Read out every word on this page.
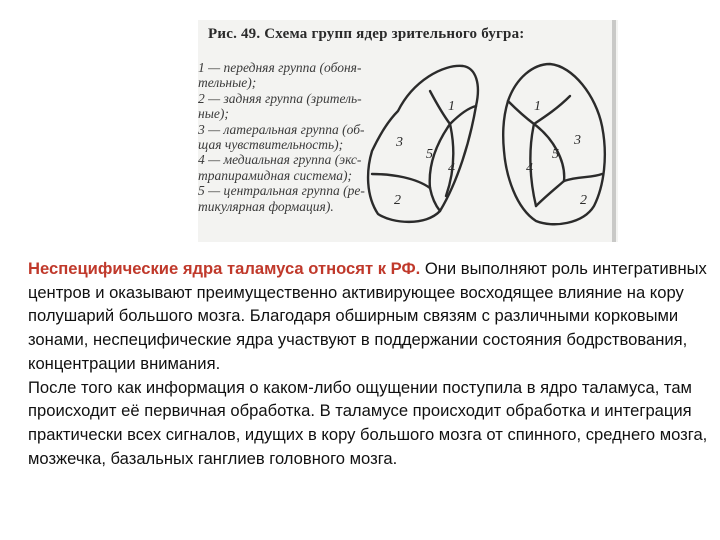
Рис. 49. Схема групп ядер зрительного бугра:
1 — передняя группа (обоня-
тельные);
2 — задняя группа (зритель-
ные);
3 — латеральная группа (об-
щая чувствительность);
4 — медиальная группа (экс-
трапирамидная система);
5 — центральная группа (ре-
тикулярная формация).
1
3
5
4
2
1
3
5
4
2
Неспецифические ядра таламуса относят к РФ. Они выполняют роль интегративных центров и оказывают преимущественно активирующее восходящее влияние на кору полушарий большого мозга. Благодаря обширным связям с различными корковыми зонами, неспецифические ядра участвуют в поддержании состояния бодрствования, концентрации внимания.
После того как информация о каком-либо ощущении поступила в ядро таламуса, там происходит её первичная обработка. В таламусе происходит обработка и интеграция практически всех сигналов, идущих в кору большого мозга от спинного, среднего мозга, мозжечка, базальных ганглиев головного мозга.
